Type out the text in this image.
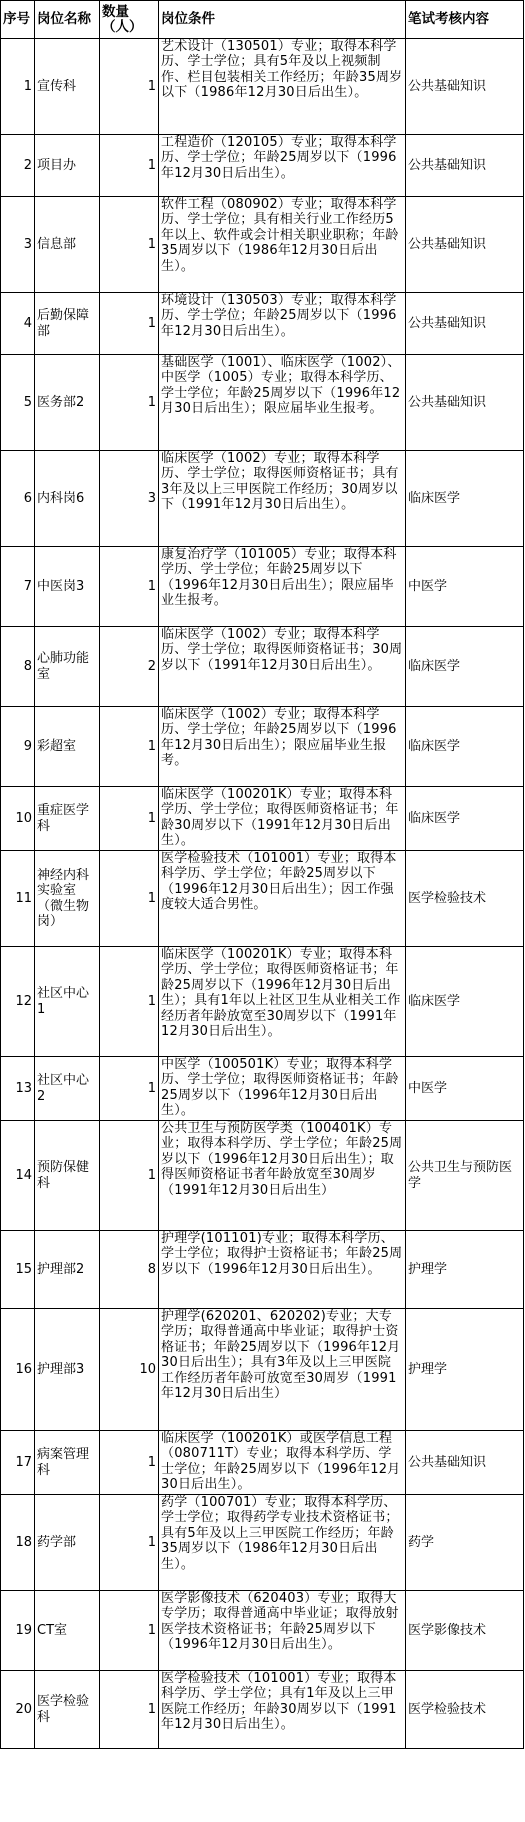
序号	岗位名称	数量（人）	岗位条件	笔试考核内容
1	宣传科	1	艺术设计（130501）专业；取得本科学历、学士学位；具有5年及以上视频制作、栏目包装相关工作经历；年龄35周岁以下（1986年12月30日后出生）。	公共基础知识
2	项目办	1	工程造价（120105）专业；取得本科学历、学士学位；年龄25周岁以下（1996年12月30日后出生）。	公共基础知识
3	信息部	1	软件工程（080902）专业；取得本科学历、学士学位；具有相关行业工作经历5年以上、软件或会计相关职业职称；年龄35周岁以下（1986年12月30日后出生）。	公共基础知识
4	后勤保障部	1	环境设计（130503）专业；取得本科学历、学士学位；年龄25周岁以下（1996年12月30日后出生）。	公共基础知识
5	医务部2	1	基础医学（1001）、临床医学（1002）、中医学（1005）专业；取得本科学历、学士学位；年龄25周岁以下（1996年12月30日后出生）；限应届毕业生报考。	公共基础知识
6	内科岗6	3	临床医学（1002）专业；取得本科学历、学士学位；取得医师资格证书；具有3年及以上三甲医院工作经历；30周岁以下（1991年12月30日后出生）。	临床医学
7	中医岗3	1	康复治疗学（101005）专业；取得本科学历、学士学位；年龄25周岁以下（1996年12月30日后出生）；限应届毕业生报考。	中医学
8	心肺功能室	2	临床医学（1002）专业；取得本科学历、学士学位；取得医师资格证书；30周岁以下（1991年12月30日后出生）。	临床医学
9	彩超室	1	临床医学（1002）专业；取得本科学历、学士学位；年龄25周岁以下（1996年12月30日后出生）；限应届毕业生报考。	临床医学
10	重症医学科	1	临床医学（100201K）专业；取得本科学历、学士学位；取得医师资格证书；年龄30周岁以下（1991年12月30日后出生）。	临床医学
11	神经内科实验室（微生物岗）	1	医学检验技术（101001）专业；取得本科学历、学士学位；年龄25周岁以下（1996年12月30日后出生）；因工作强度较大适合男性。	医学检验技术
12	社区中心1	1	临床医学（100201K）专业；取得本科学历、学士学位；取得医师资格证书；年龄25周岁以下（1996年12月30日后出生）；具有1年以上社区卫生从业相关工作经历者年龄放宽至30周岁以下（1991年12月30日后出生）。	临床医学
13	社区中心2	1	中医学（100501K）专业；取得本科学历、学士学位；取得医师资格证书；年龄25周岁以下（1996年12月30日后出生）。	中医学
14	预防保健科	1	公共卫生与预防医学类（100401K）专业；取得本科学历、学士学位；年龄25周岁以下（1996年12月30日后出生）；取得医师资格证书者年龄放宽至30周岁（1991年12月30日后出生）	公共卫生与预防医学
15	护理部2	8	护理学(101101)专业；取得本科学历、学士学位；取得护士资格证书；年龄25周岁以下（1996年12月30日后出生）。	护理学
16	护理部3	10	护理学(620201、620202)专业；大专学历；取得普通高中毕业证；取得护士资格证书；年龄25周岁以下（1996年12月30日后出生）；具有3年及以上三甲医院工作经历者年龄可放宽至30周岁（1991年12月30日后出生）	护理学
17	病案管理科	1	临床医学（100201K）或医学信息工程（080711T）专业；取得本科学历、学士学位；年龄25周岁以下（1996年12月30日后出生）。	公共基础知识
18	药学部	1	药学（100701）专业；取得本科学历、学士学位；取得药学专业技术资格证书；具有5年及以上三甲医院工作经历；年龄35周岁以下（1986年12月30日后出生）。	药学
19	CT室	1	医学影像技术（620403）专业；取得大专学历；取得普通高中毕业证；取得放射医学技术资格证书；年龄25周岁以下（1996年12月30日后出生）。	医学影像技术
20	医学检验科	1	医学检验技术（101001）专业；取得本科学历、学士学位；具有1年及以上三甲医院工作经历；年龄30周岁以下（1991年12月30日后出生）。	医学检验技术
